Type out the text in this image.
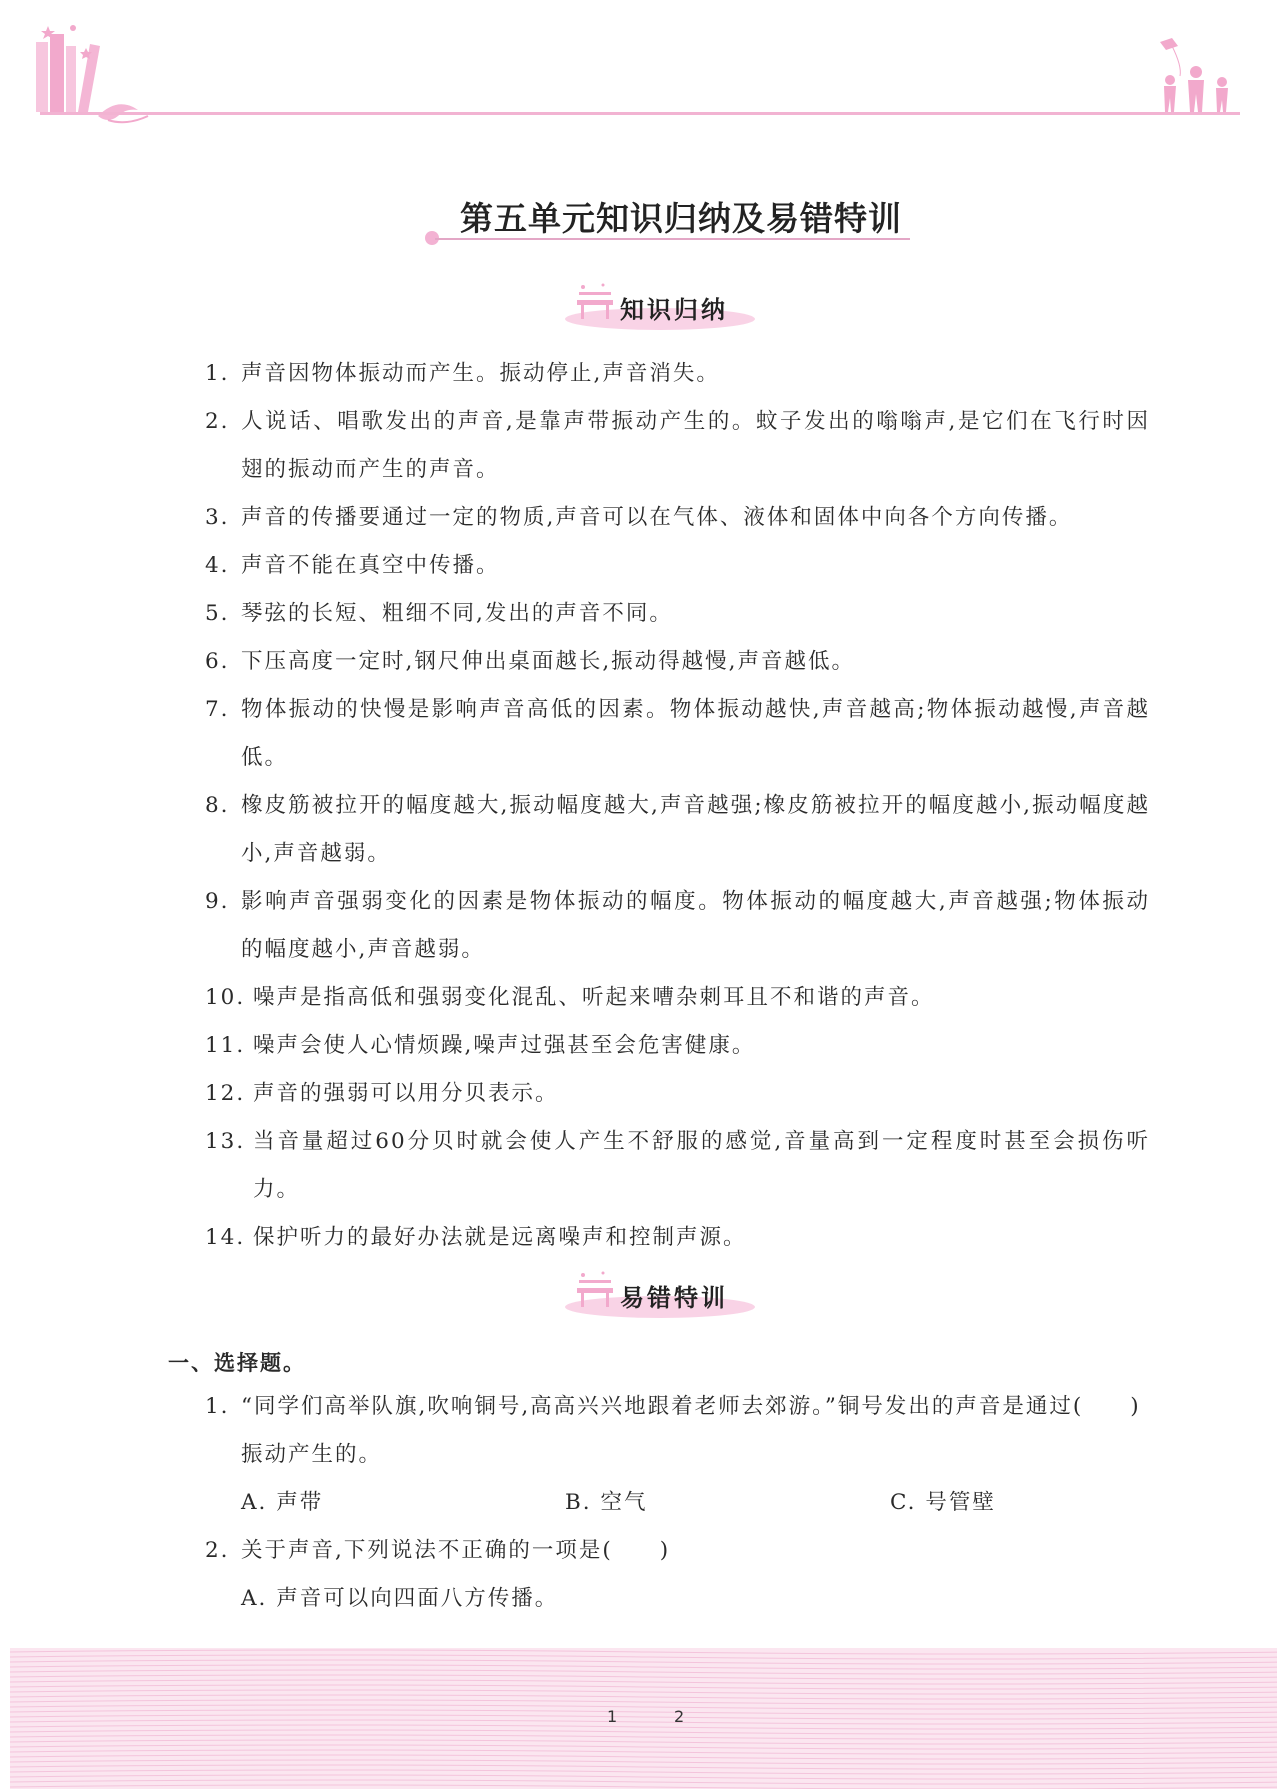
第五单元知识归纳及易错特训
知识归纳
1. 声音因物体振动而产生。振动停止,声音消失。
2. 人说话、唱歌发出的声音,是靠声带振动产生的。蚊子发出的嗡嗡声,是它们在飞行时因翅的振动而产生的声音。
3. 声音的传播要通过一定的物质,声音可以在气体、液体和固体中向各个方向传播。
4. 声音不能在真空中传播。
5. 琴弦的长短、粗细不同,发出的声音不同。
6. 下压高度一定时,钢尺伸出桌面越长,振动得越慢,声音越低。
7. 物体振动的快慢是影响声音高低的因素。物体振动越快,声音越高;物体振动越慢,声音越低。
8. 橡皮筋被拉开的幅度越大,振动幅度越大,声音越强;橡皮筋被拉开的幅度越小,振动幅度越小,声音越弱。
9. 影响声音强弱变化的因素是物体振动的幅度。物体振动的幅度越大,声音越强;物体振动的幅度越小,声音越弱。
10. 噪声是指高低和强弱变化混乱、听起来嘈杂刺耳且不和谐的声音。
11. 噪声会使人心情烦躁,噪声过强甚至会危害健康。
12. 声音的强弱可以用分贝表示。
13. 当音量超过60分贝时就会使人产生不舒服的感觉,音量高到一定程度时甚至会损伤听力。
14. 保护听力的最好办法就是远离噪声和控制声源。
易错特训
一、选择题。
1. “同学们高举队旗,吹响铜号,高高兴兴地跟着老师去郊游。”铜号发出的声音是通过(　　)振动产生的。
A. 声带	B. 空气	C. 号管壁
2. 关于声音,下列说法不正确的一项是(　　)
A. 声音可以向四面八方传播。
1	2
